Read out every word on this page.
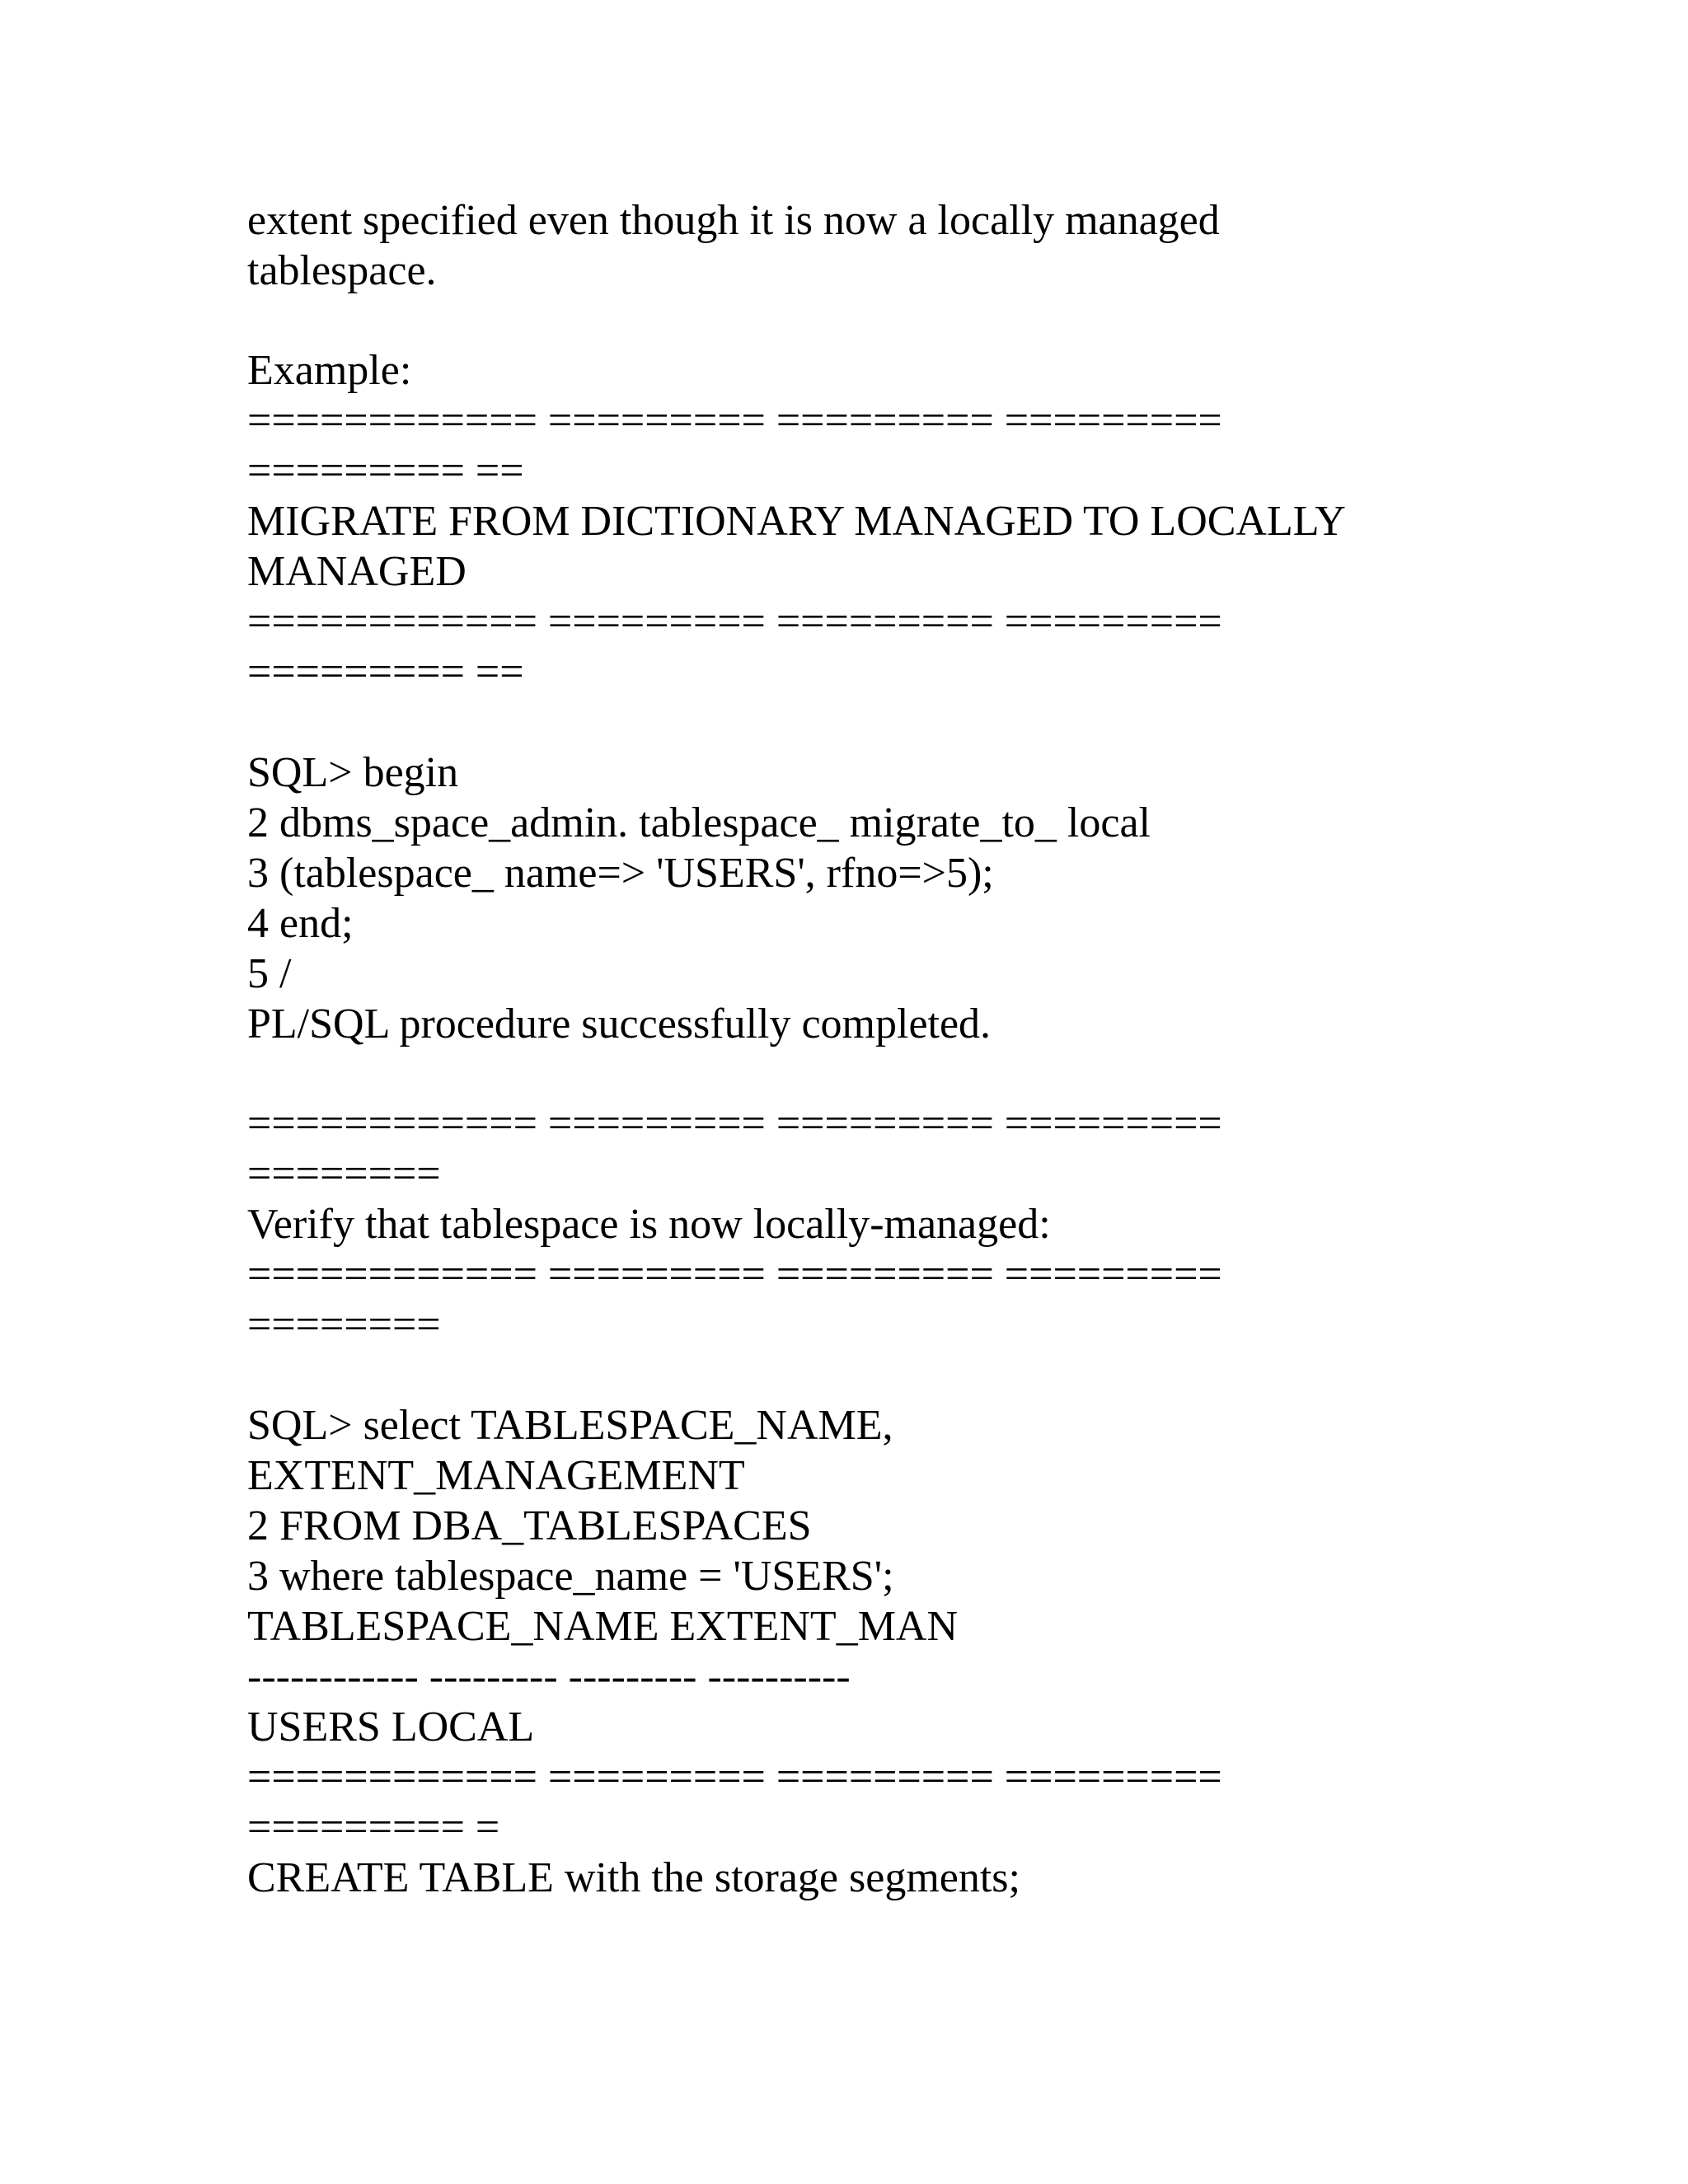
extent specified even though it is now a locally managed

tablespace.

Example:

============ ========= ========= =========

========= ==

MIGRATE FROM DICTIONARY MANAGED TO LOCALLY

MANAGED

============ ========= ========= =========

========= ==

SQL> begin

2 dbms_space_admin. tablespace_ migrate_to_ local

3 (tablespace_ name=> 'USERS', rfno=>5);

4 end;

5 /

PL/SQL procedure successfully completed.

============ ========= ========= =========

========

Verify that tablespace is now locally-managed:

============ ========= ========= =========

========

SQL> select TABLESPACE_NAME,

EXTENT_MANAGEMENT

2 FROM DBA_TABLESPACES

3 where tablespace_name = 'USERS';

TABLESPACE_NAME EXTENT_MAN

------------ --------- --------- ----------

USERS LOCAL

============ ========= ========= =========

========= =

CREATE TABLE with the storage segments;
